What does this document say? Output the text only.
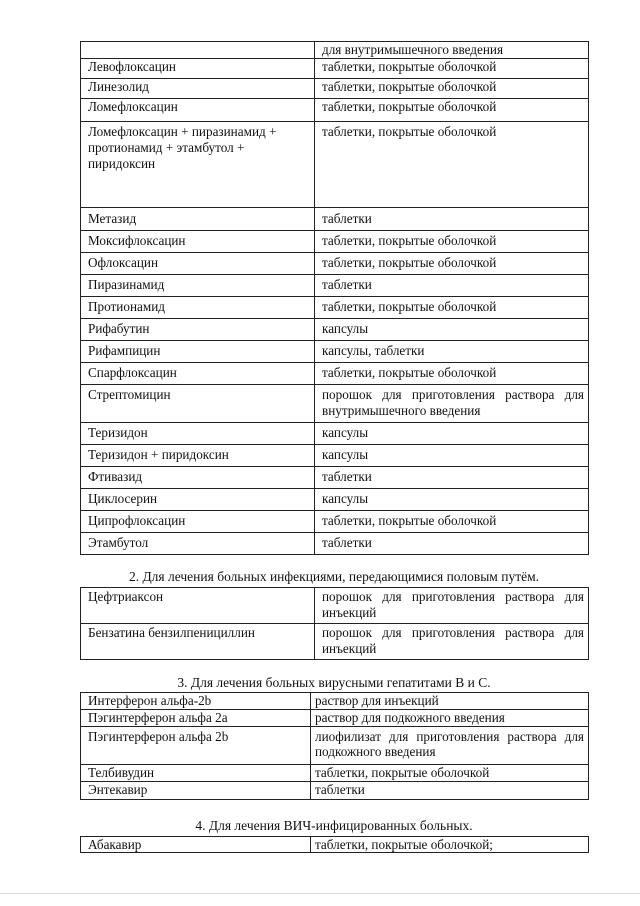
	для внутримышечного введения
Левофлоксацин	таблетки, покрытые оболочкой
Линезолид	таблетки, покрытые оболочкой
Ломефлоксацин	таблетки, покрытые оболочкой
Ломефлоксацин + пиразинамид + протионамид + этамбутол + пиридоксин	таблетки, покрытые оболочкой
Метазид	таблетки
Моксифлоксацин	таблетки, покрытые оболочкой
Офлоксацин	таблетки, покрытые оболочкой
Пиразинамид	таблетки
Протионамид	таблетки, покрытые оболочкой
Рифабутин	капсулы
Рифампицин	капсулы, таблетки
Спарфлоксацин	таблетки, покрытые оболочкой
Стрептомицин	порошок для приготовления раствора для внутримышечного введения
Теризидон	капсулы
Теризидон + пиридоксин	капсулы
Фтивазид	таблетки
Циклосерин	капсулы
Ципрофлоксацин	таблетки, покрытые оболочкой
Этамбутол	таблетки
2. Для лечения больных инфекциями, передающимися половым путём.
Цефтриаксон	порошок для приготовления раствора для инъекций
Бензатина бензилпенициллин	порошок для приготовления раствора для инъекций
3. Для лечения больных вирусными гепатитами В и С.
Интерферон альфа-2b	раствор для инъекций
Пэгинтерферон альфа 2а	раствор для подкожного введения
Пэгинтерферон альфа 2b	лиофилизат для приготовления раствора для подкожного введения
Телбивудин	таблетки, покрытые оболочкой
Энтекавир	таблетки
4. Для лечения ВИЧ-инфицированных больных.
Абакавир	таблетки, покрытые оболочкой;
